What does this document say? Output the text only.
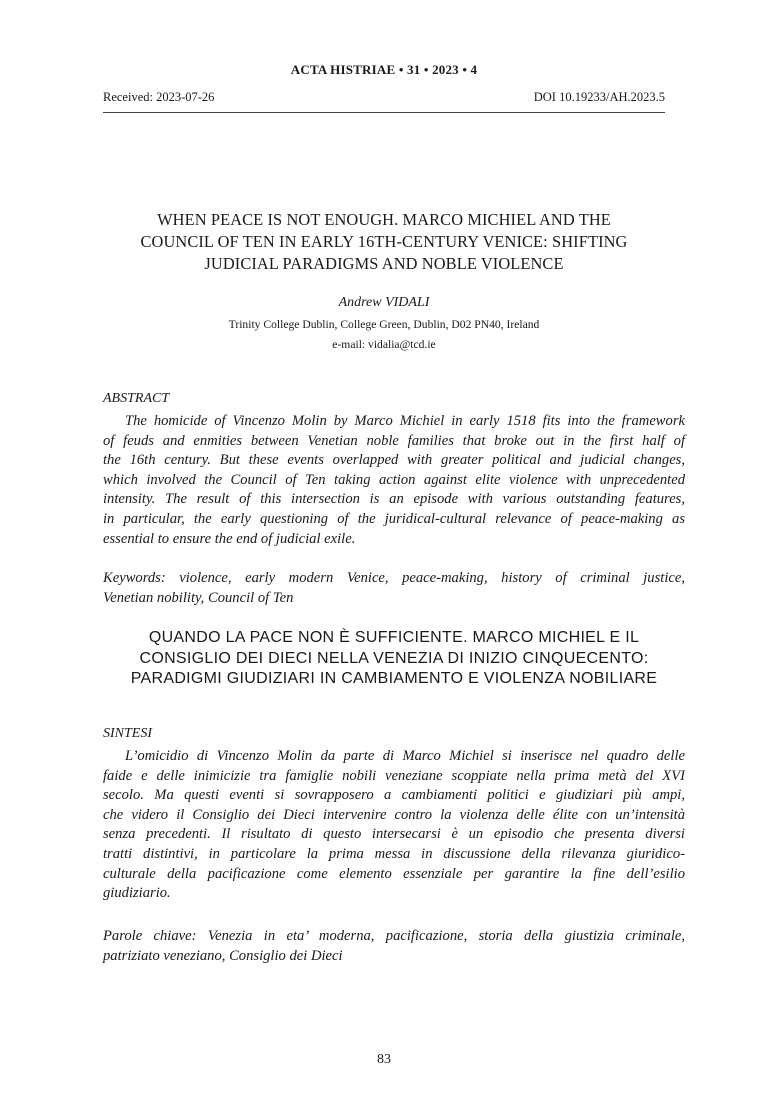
ACTA HISTRIAE • 31 • 2023 • 4
Received: 2023-07-26	DOI 10.19233/AH.2023.5
WHEN PEACE IS NOT ENOUGH. MARCO MICHIEL AND THE
COUNCIL OF TEN IN EARLY 16TH-CENTURY VENICE: SHIFTING
JUDICIAL PARADIGMS AND NOBLE VIOLENCE
Andrew VIDALI
Trinity College Dublin, College Green, Dublin, D02 PN40, Ireland
e-mail: vidalia@tcd.ie
ABSTRACT
The homicide of Vincenzo Molin by Marco Michiel in early 1518 fits into the framework
of feuds and enmities between Venetian noble families that broke out in the first half of
the 16th century. But these events overlapped with greater political and judicial changes,
which involved the Council of Ten taking action against elite violence with unprecedented
intensity. The result of this intersection is an episode with various outstanding features,
in particular, the early questioning of the juridical-cultural relevance of peace-making as
essential to ensure the end of judicial exile.
Keywords: violence, early modern Venice, peace-making, history of criminal justice,
Venetian nobility, Council of Ten
QUANDO LA PACE NON È SUFFICIENTE. MARCO MICHIEL E IL
CONSIGLIO DEI DIECI NELLA VENEZIA DI INIZIO CINQUECENTO:
PARADIGMI GIUDIZIARI IN CAMBIAMENTO E VIOLENZA NOBILIARE
SINTESI
L’omicidio di Vincenzo Molin da parte di Marco Michiel si inserisce nel quadro delle
faide e delle inimicizie tra famiglie nobili veneziane scoppiate nella prima metà del XVI
secolo. Ma questi eventi si sovrapposero a cambiamenti politici e giudiziari più ampi,
che videro il Consiglio dei Dieci intervenire contro la violenza delle élite con un’intensità
senza precedenti. Il risultato di questo intersecarsi è un episodio che presenta diversi
tratti distintivi, in particolare la prima messa in discussione della rilevanza giuridico-
culturale della pacificazione come elemento essenziale per garantire la fine dell’esilio
giudiziario.
Parole chiave: Venezia in eta’ moderna, pacificazione, storia della giustizia criminale,
patriziato veneziano, Consiglio dei Dieci
83
